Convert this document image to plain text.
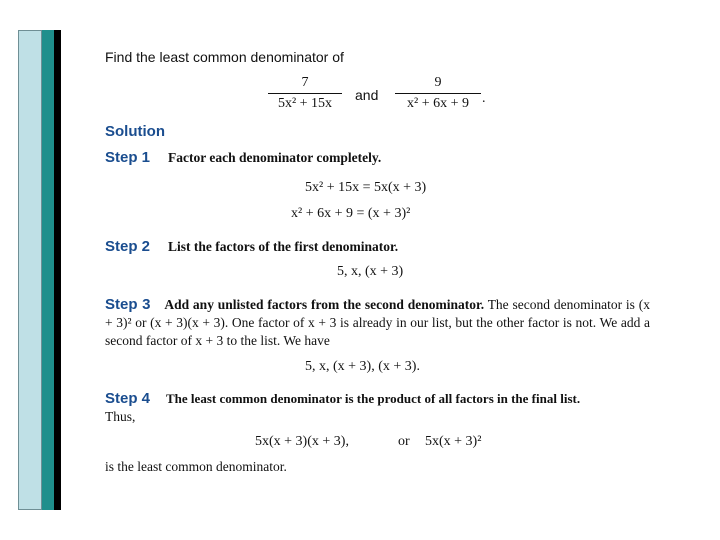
Find the least common denominator of
7
5x² + 15x
and
9
x² + 6x + 9 .
Solution
Step 1 Factor each denominator completely.
5x² + 15x = 5x(x + 3)
x² + 6x + 9 = (x + 3)²
Step 2 List the factors of the first denominator.
5, x, (x + 3)
Step 3 Add any unlisted factors from the second denominator. The second denominator is (x + 3)² or (x + 3)(x + 3). One factor of x + 3 is already in our list, but the other factor is not. We add a second factor of x + 3 to the list. We have
5, x, (x + 3), (x + 3).
Step 4 The least common denominator is the product of all factors in the final list.
Thus,
5x(x + 3)(x + 3),	or 5x(x + 3)²
is the least common denominator.
